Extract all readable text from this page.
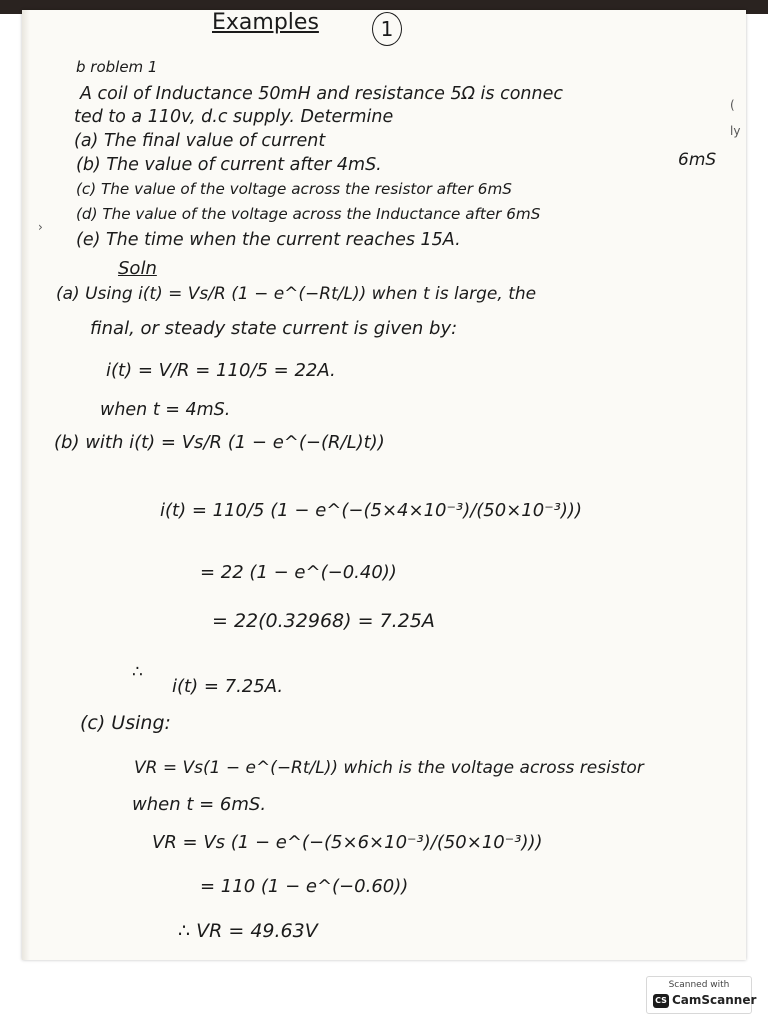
Examples	1
b roblem 1
A coil of Inductance 50mH and resistance 5Ω is connec
ted to a 110v, d.c supply. Determine
(a) The final value of current
(b) The value of current after 4mS.	6mS
(c) The value of the voltage across the resistor after 6mS
(d) The value of the voltage across the Inductance after 6mS
(e) The time when the current reaches 15A.
Soln
(a) Using i(t) = Vs/R (1 − e^(−Rt/L)) when t is large, the
final, or steady state current is given by:
i(t) = V/R = 110/5 = 22A.
when t = 4mS.
(b) with i(t) = Vs/R (1 − e^(−(R/L)t))
i(t) = 110/5 (1 − e^(−(5×4×10⁻³)/(50×10⁻³)))
= 22 (1 − e^(−0.40))
= 22(0.32968) = 7.25A
∴
i(t) = 7.25A.
(c) Using:
VR = Vs(1 − e^(−Rt/L)) which is the voltage across resistor
when t = 6mS.
VR = Vs (1 − e^(−(5×6×10⁻³)/(50×10⁻³)))
= 110 (1 − e^(−0.60))
∴ VR = 49.63V
›
(
ly
Scanned with
CS CamScanner
